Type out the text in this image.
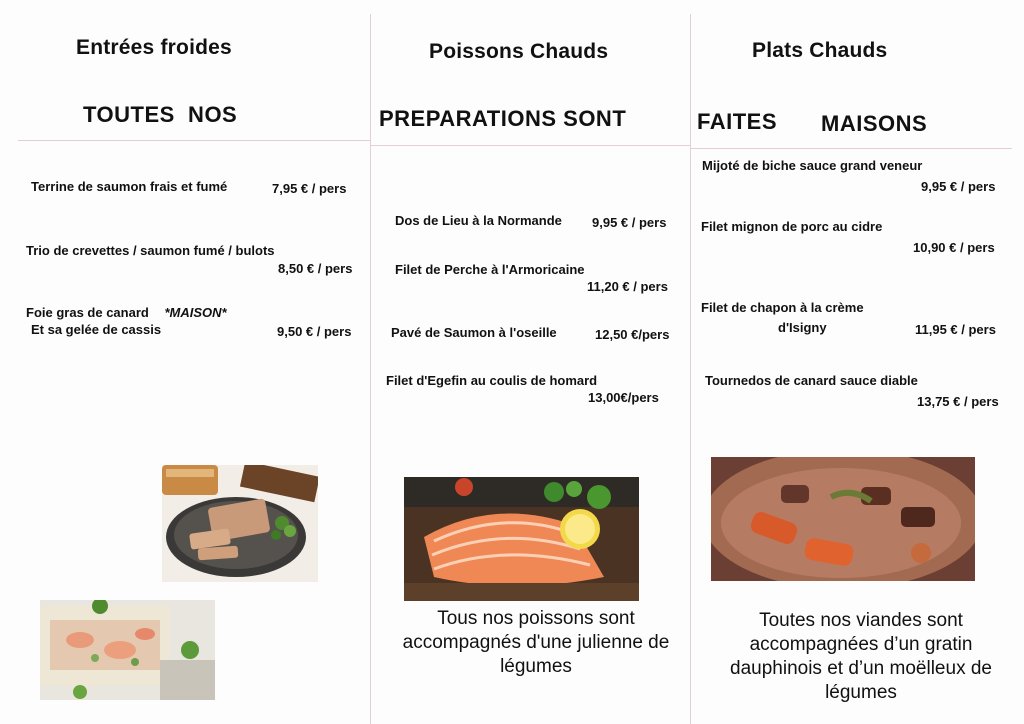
Entrées froides	Poissons Chauds	Plats Chauds
TOUTES  NOS	PREPARATIONS SONT	FAITES MAISONS
Terrine de saumon frais et fumé	7,95 € / pers
Trio de crevettes / saumon fumé / bulots
8,50 € / pers
Foie gras de canard *MAISON*
Et sa gelée de cassis	9,50 € / pers
Dos de Lieu à la Normande 9,95 € / pers
Filet de Perche à l'Armoricaine
11,20 € / pers
Pavé de Saumon à l'oseille	12,50 €/pers
Filet d'Egefin au coulis de homard
13,00€/pers
Mijoté de biche sauce grand veneur
9,95 € / pers
Filet mignon de porc au cidre
10,90 € / pers
Filet de chapon à la crème
d'Isigny	11,95 € / pers
Tournedos de canard sauce diable
13,75 € / pers
Tous nos poissons sont
accompagnés d'une julienne de
légumes
Toutes nos viandes sont
accompagnées d’un gratin
dauphinois et d’un moëlleux de
légumes
